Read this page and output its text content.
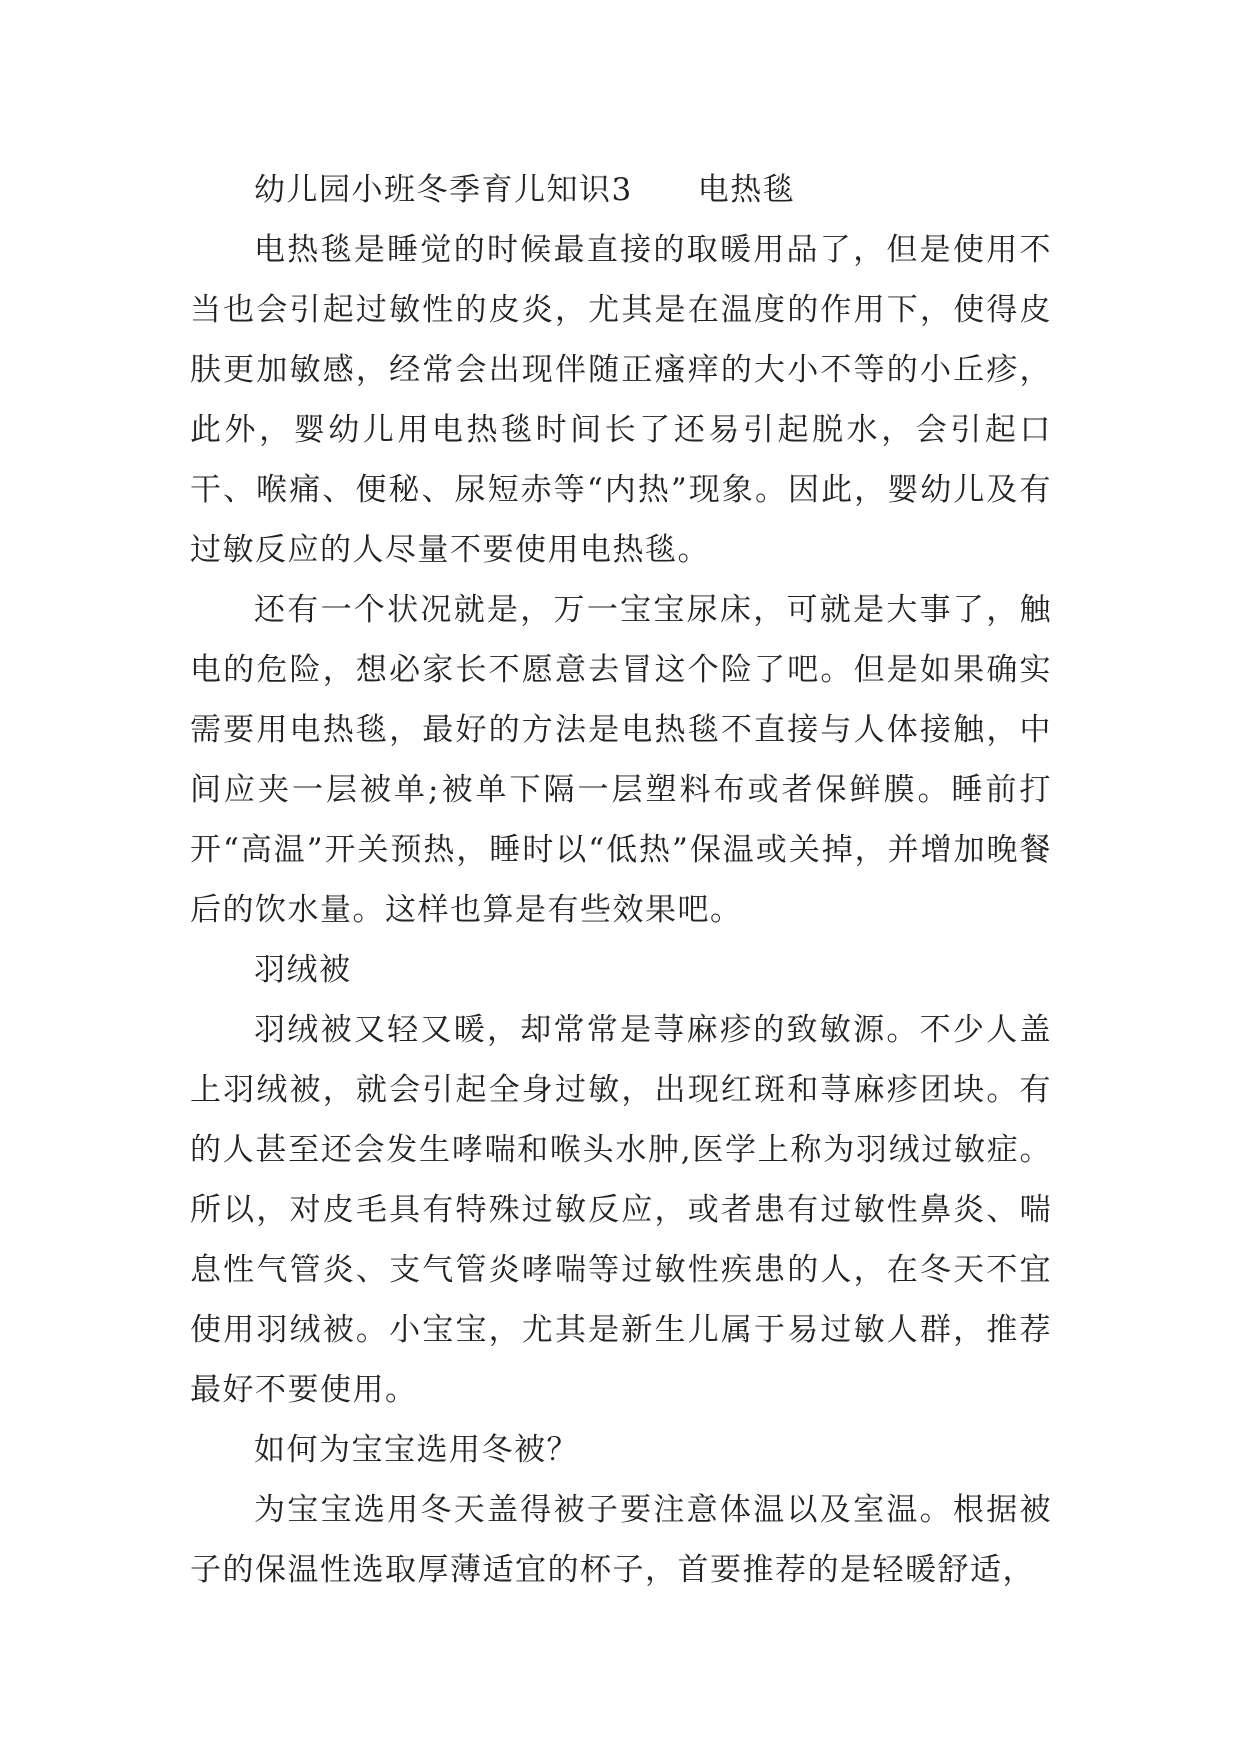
幼儿园小班冬季育儿知识3　　电热毯

电热毯是睡觉的时候最直接的取暖用品了，但是使用不当也会引起过敏性的皮炎，尤其是在温度的作用下，使得皮肤更加敏感，经常会出现伴随正瘙痒的大小不等的小丘疹，此外，婴幼儿用电热毯时间长了还易引起脱水，会引起口干、喉痛、便秘、尿短赤等“内热”现象。因此，婴幼儿及有过敏反应的人尽量不要使用电热毯。

还有一个状况就是，万一宝宝尿床，可就是大事了，触电的危险，想必家长不愿意去冒这个险了吧。但是如果确实需要用电热毯，最好的方法是电热毯不直接与人体接触，中间应夹一层被单;被单下隔一层塑料布或者保鲜膜。睡前打开“高温”开关预热，睡时以“低热”保温或关掉，并增加晚餐后的饮水量。这样也算是有些效果吧。

羽绒被

羽绒被又轻又暖，却常常是荨麻疹的致敏源。不少人盖上羽绒被，就会引起全身过敏，出现红斑和荨麻疹团块。有的人甚至还会发生哮喘和喉头水肿,医学上称为羽绒过敏症。所以，对皮毛具有特殊过敏反应，或者患有过敏性鼻炎、喘息性气管炎、支气管炎哮喘等过敏性疾患的人，在冬天不宜使用羽绒被。小宝宝，尤其是新生儿属于易过敏人群，推荐最好不要使用。

如何为宝宝选用冬被？

为宝宝选用冬天盖得被子要注意体温以及室温。根据被子的保温性选取厚薄适宜的杯子，首要推荐的是轻暖舒适，
